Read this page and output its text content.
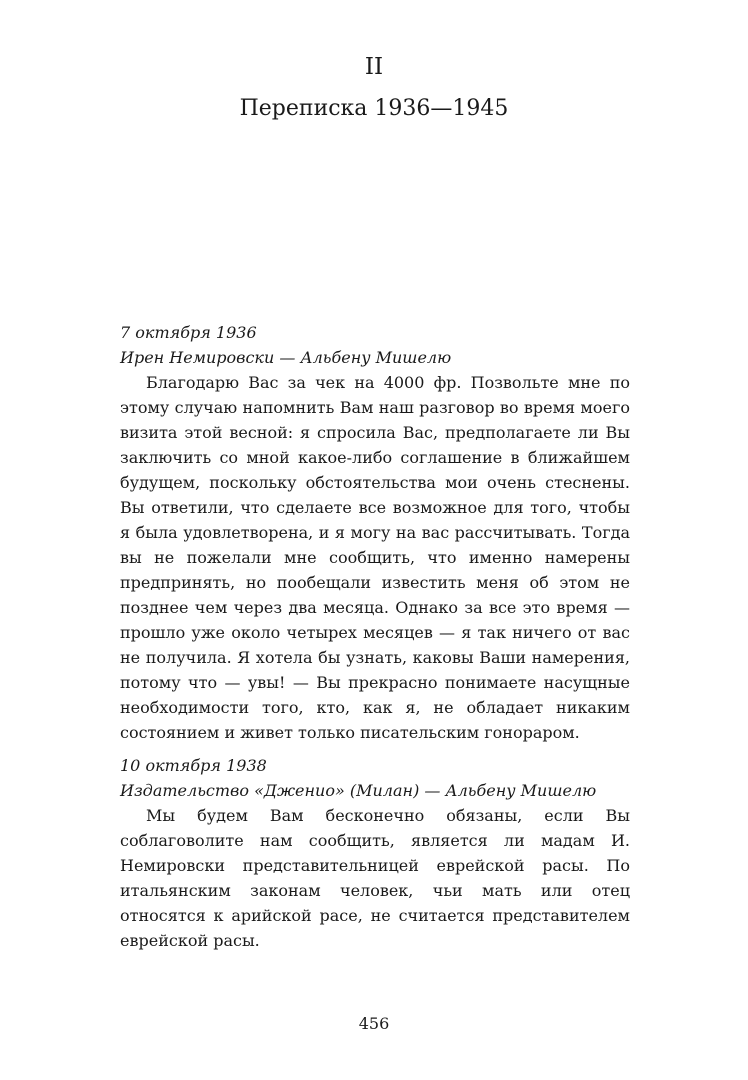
II
Переписка 1936—1945
7 октября 1936
Ирен Немировски — Альбену Мишелю

Благодарю Вас за чек на 4000 фр. Позвольте мне по этому случаю напомнить Вам наш разговор во время моего визита этой весной: я спросила Вас, предполагаете ли Вы заключить со мной какое-либо соглашение в ближайшем будущем, поскольку обстоятельства мои очень стеснены. Вы ответили, что сделаете все возможное для того, чтобы я была удовлетворена, и я могу на вас рассчитывать. Тогда вы не пожелали мне сообщить, что именно намерены предпринять, но пообещали известить меня об этом не позднее чем через два месяца. Однако за все это время — прошло уже около четырех месяцев — я так ничего от вас не получила. Я хотела бы узнать, каковы Ваши намерения, потому что — увы! — Вы прекрасно понимаете насущные необходимости того, кто, как я, не обладает никаким состоянием и живет только писательским гонораром.

10 октября 1938
Издательство «Дженио» (Милан) — Альбену Мишелю

Мы будем Вам бесконечно обязаны, если Вы соблаговолите нам сообщить, является ли мадам И. Немировски представительницей еврейской расы. По итальянским законам человек, чьи мать или отец относятся к арийской расе, не считается представителем еврейской расы.

456
